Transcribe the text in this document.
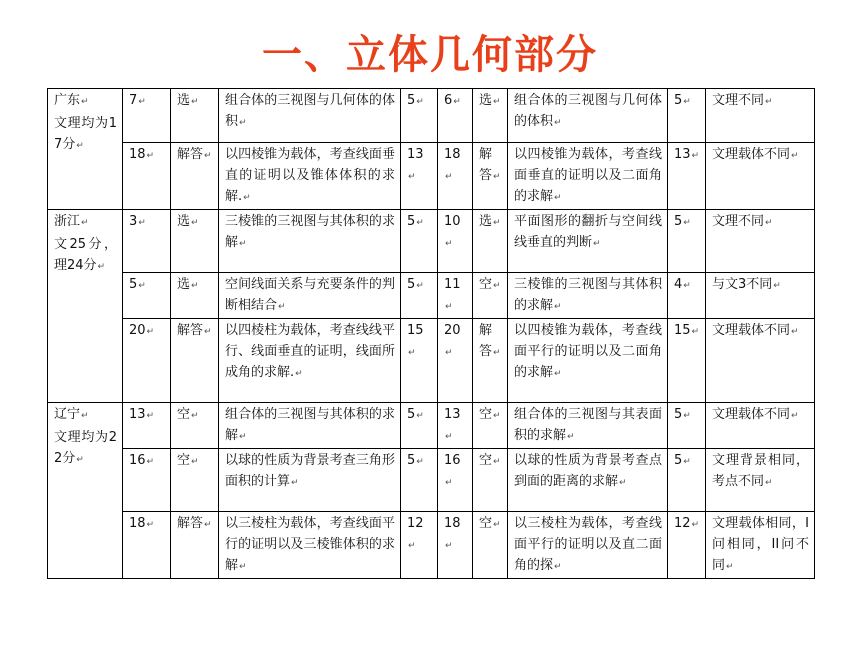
一、立体几何部分
广东↵
文理均为17分↵	7↵	选↵	组合体的三视图与几何体的体积↵	5↵	6↵	选↵	组合体的三视图与几何体的体积↵	5↵	文理不同↵
	18↵	解答↵	以四棱锥为载体，考查线面垂直的证明以及锥体体积的求解.↵	13↵	18↵	解答↵	以四棱锥为载体，考查线面垂直的证明以及二面角的求解↵	13↵	文理载体不同↵
浙江↵
文25分，理24分↵	3↵	选↵	三棱锥的三视图与其体积的求解↵	5↵	10↵	选↵	平面图形的翻折与空间线线垂直的判断↵	5↵	文理不同↵
	5↵	选↵	空间线面关系与充要条件的判断相结合↵	5↵	11↵	空↵	三棱锥的三视图与其体积的求解↵	4↵	与文3不同↵
	20↵	解答↵	以四棱柱为载体，考查线线平行、线面垂直的证明，线面所成角的求解.↵	15↵	20↵	解答↵	以四棱锥为载体，考查线面平行的证明以及二面角的求解↵	15↵	文理载体不同↵
辽宁↵
文理均为22分↵	13↵	空↵	组合体的三视图与其体积的求解↵	5↵	13↵	空↵	组合体的三视图与其表面积的求解↵	5↵	文理载体不同↵
	16↵	空↵	以球的性质为背景考查三角形面积的计算↵	5↵	16↵	空↵	以球的性质为背景考查点到面的距离的求解↵	5↵	文理背景相同，考点不同↵
	18↵	解答↵	以三棱柱为载体，考查线面平行的证明以及三棱锥体积的求解↵	12↵	18↵	空↵	以三棱柱为载体，考查线面平行的证明以及直二面角的探↵	12↵	文理载体相同，I问相同，II问不同↵
